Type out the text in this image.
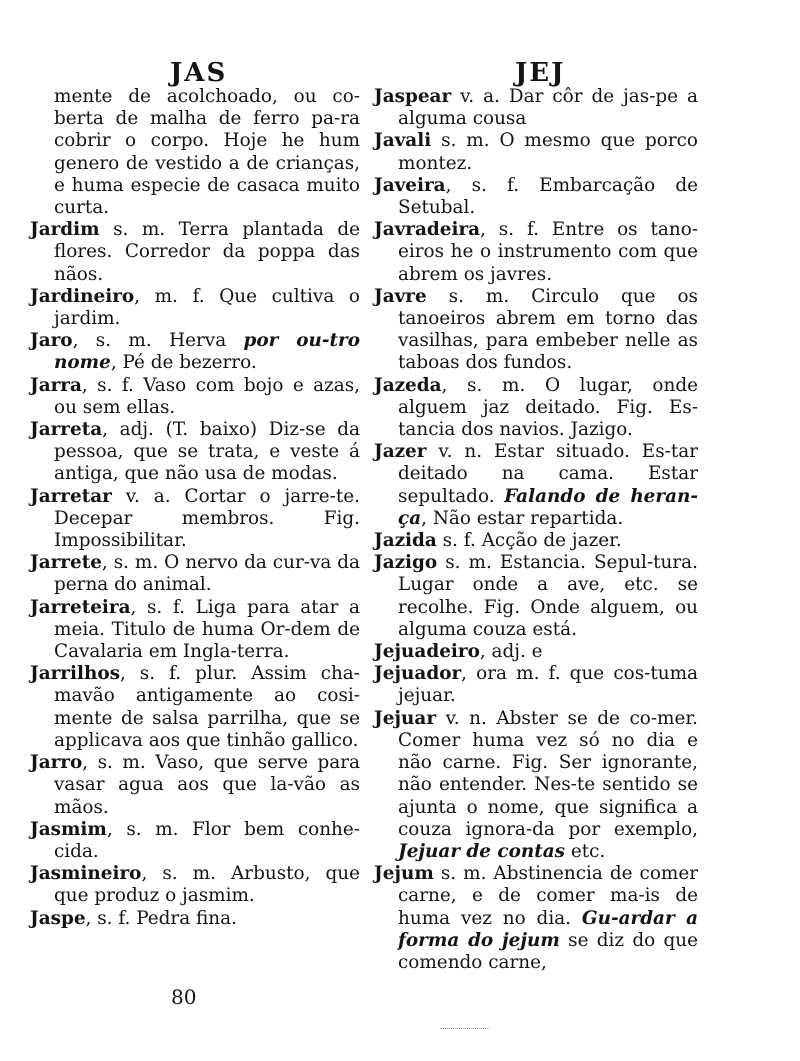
JAS	JEJ

mente de acolchoado, ou co-berta de malha de ferro pa-ra cobrir o corpo. Hoje he hum genero de vestido a de crianças, e huma especie de casaca muito curta.

Jardim s. m. Terra plantada de flores. Corredor da poppa das nãos.

Jardineiro, m. f. Que cultiva o jardim.

Jaro, s. m. Herva por ou-tro nome, Pé de bezerro.

Jarra, s. f. Vaso com bojo e azas, ou sem ellas.

Jarreta, adj. (T. baixo) Diz-se da pessoa, que se trata, e veste á antiga, que não usa de modas.

Jarretar v. a. Cortar o jarre-te. Decepar membros. Fig. Impossibilitar.

Jarrete, s. m. O nervo da cur-va da perna do animal.

Jarreteira, s. f. Liga para atar a meia. Titulo de huma Or-dem de Cavalaria em Ingla-terra.

Jarrilhos, s. f. plur. Assim cha-mavão antigamente ao cosi-mente de salsa parrilha, que se applicava aos que tinhão gallico.

Jarro, s. m. Vaso, que serve para vasar agua aos que la-vão as mãos.

Jasmim, s. m. Flor bem conhe-cida.

Jasmineiro, s. m. Arbusto, que que produz o jasmim.

Jaspe, s. f. Pedra fina.

Jaspear v. a. Dar côr de jas-pe a alguma cousa

Javali s. m. O mesmo que porco montez.

Javeira, s. f. Embarcação de Setubal.

Javradeira, s. f. Entre os tano-eiros he o instrumento com que abrem os javres.

Javre s. m. Circulo que os tanoeiros abrem em torno das vasilhas, para embeber nelle as taboas dos fundos.

Jazeda, s. m. O lugar, onde alguem jaz deitado. Fig. Es-tancia dos navios. Jazigo.

Jazer v. n. Estar situado. Es-tar deitado na cama. Estar sepultado. Falando de heran-ça, Não estar repartida.

Jazida s. f. Acção de jazer.

Jazigo s. m. Estancia. Sepul-tura. Lugar onde a ave, etc. se recolhe. Fig. Onde alguem, ou alguma couza está.

Jejuadeiro, adj. e

Jejuador, ora m. f. que cos-tuma jejuar.

Jejuar v. n. Abster se de co-mer. Comer huma vez só no dia e não carne. Fig. Ser ignorante, não entender. Nes-te sentido se ajunta o nome, que significa a couza ignora-da por exemplo, Jejuar de contas etc.

Jejum s. m. Abstinencia de comer carne, e de comer ma-is de huma vez no dia. Gu-ardar a forma do jejum se diz do que comendo carne,

80
